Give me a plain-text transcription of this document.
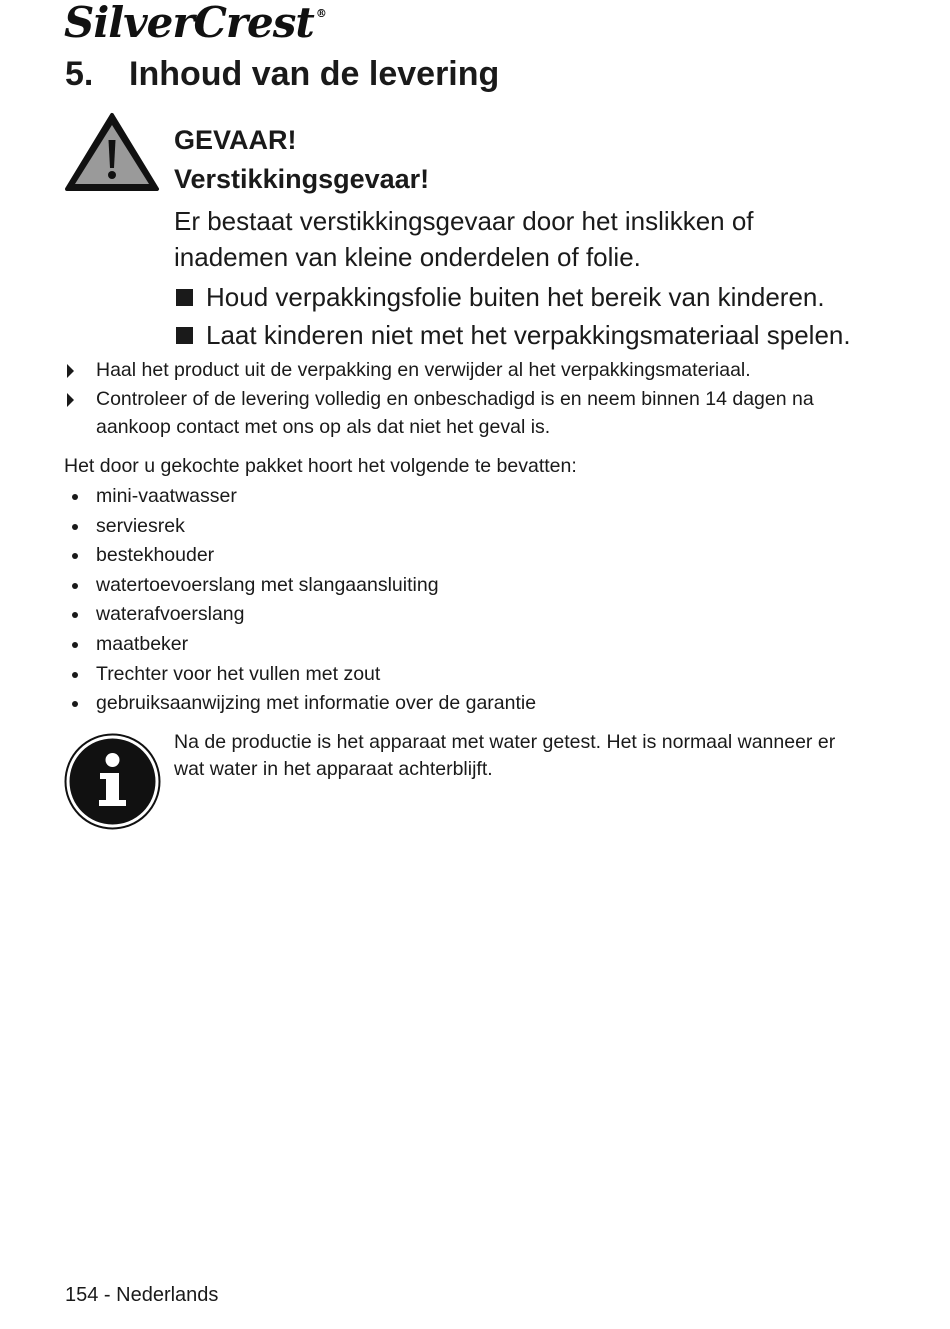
SilverCrest ®
5. Inhoud van de levering
GEVAAR!
Verstikkingsgevaar!
Er bestaat verstikkingsgevaar door het inslikken of inademen van kleine onderdelen of folie.
Houd verpakkingsfolie buiten het bereik van kinderen.
Laat kinderen niet met het verpakkingsmateriaal spelen.
Haal het product uit de verpakking en verwijder al het verpakkingsmateriaal.
Controleer of de levering volledig en onbeschadigd is en neem binnen 14 dagen na aankoop contact met ons op als dat niet het geval is.
Het door u gekochte pakket hoort het volgende te bevatten:
mini-vaatwasser
serviesrek
bestekhouder
watertoevoerslang met slangaansluiting
waterafvoerslang
maatbeker
Trechter voor het vullen met zout
gebruiksaanwijzing met informatie over de garantie
Na de productie is het apparaat met water getest. Het is normaal wanneer er wat water in het apparaat achterblijft.
154 - Nederlands
